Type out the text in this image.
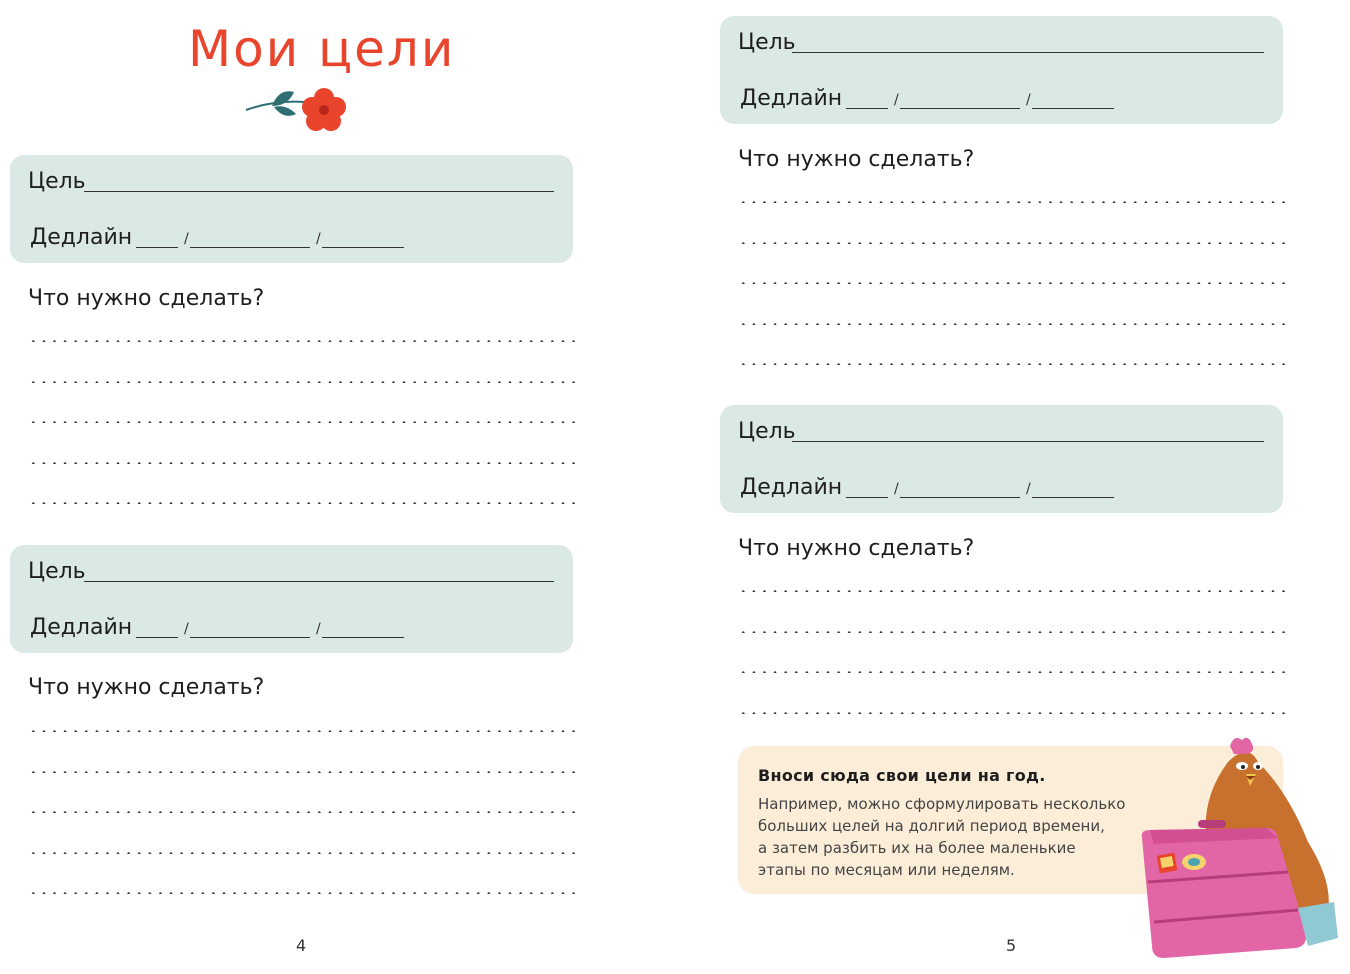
Мои цели
Цель
Дедлайн	/	/
Что нужно сделать?
Цель
Дедлайн	/	/
Что нужно сделать?
4
Цель
Дедлайн	/	/
Что нужно сделать?
Цель
Дедлайн	/	/
Что нужно сделать?
Вноси сюда свои цели на год.
Например, можно сформулировать несколько
больших целей на долгий период времени,
а затем разбить их на более маленькие
этапы по месяцам или неделям.
5
